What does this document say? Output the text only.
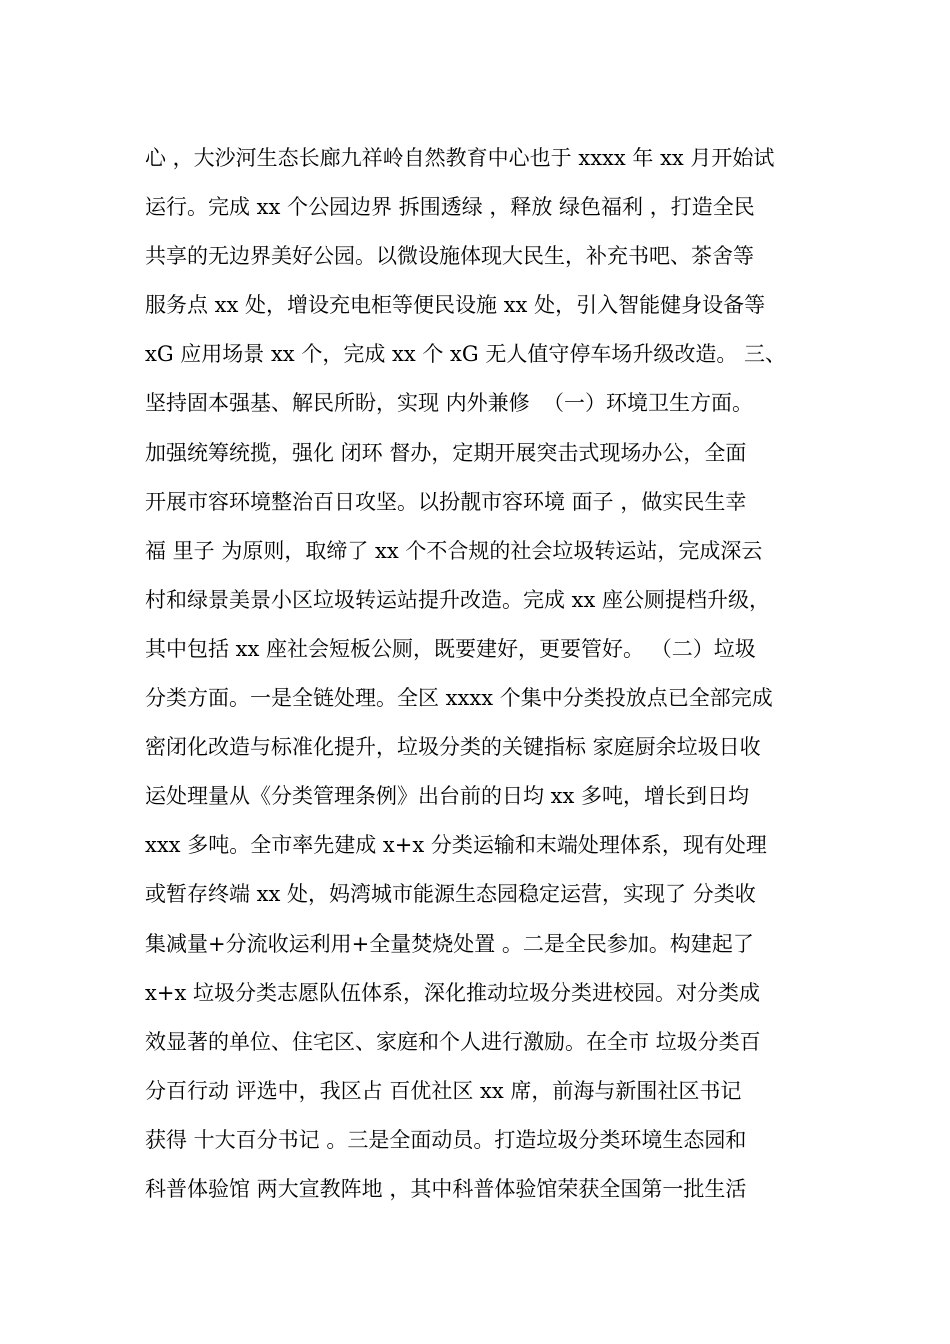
心 ，大沙河生态长廊九祥岭自然教育中心也于 xxxx 年 xx 月开始试
运行。完成 xx 个公园边界 拆围透绿 ，释放 绿色福利 ，打造全民
共享的无边界美好公园。以微设施体现大民生，补充书吧、茶舍等
服务点 xx 处，增设充电柜等便民设施 xx 处，引入智能健身设备等
xG 应用场景 xx 个，完成 xx 个 xG 无人值守停车场升级改造。 三、
坚持固本强基、解民所盼，实现 内外兼修  （一）环境卫生方面。
加强统筹统揽，强化 闭环 督办，定期开展突击式现场办公，全面
开展市容环境整治百日攻坚。以扮靓市容环境 面子 ，做实民生幸
福 里子 为原则，取缔了 xx 个不合规的社会垃圾转运站，完成深云
村和绿景美景小区垃圾转运站提升改造。完成 xx 座公厕提档升级，
其中包括 xx 座社会短板公厕，既要建好，更要管好。 （二）垃圾
分类方面。一是全链处理。全区 xxxx 个集中分类投放点已全部完成
密闭化改造与标准化提升，垃圾分类的关键指标 家庭厨余垃圾日收
运处理量从《分类管理条例》出台前的日均 xx 多吨，增长到日均
xxx 多吨。全市率先建成 x+x 分类运输和末端处理体系，现有处理
或暂存终端 xx 处，妈湾城市能源生态园稳定运营，实现了 分类收
集减量+分流收运利用+全量焚烧处置 。二是全民参加。构建起了
x+x 垃圾分类志愿队伍体系，深化推动垃圾分类进校园。对分类成
效显著的单位、住宅区、家庭和个人进行激励。在全市 垃圾分类百
分百行动 评选中，我区占 百优社区 xx 席，前海与新围社区书记
获得 十大百分书记 。三是全面动员。打造垃圾分类环境生态园和
科普体验馆 两大宣教阵地 ，其中科普体验馆荣获全国第一批生活
